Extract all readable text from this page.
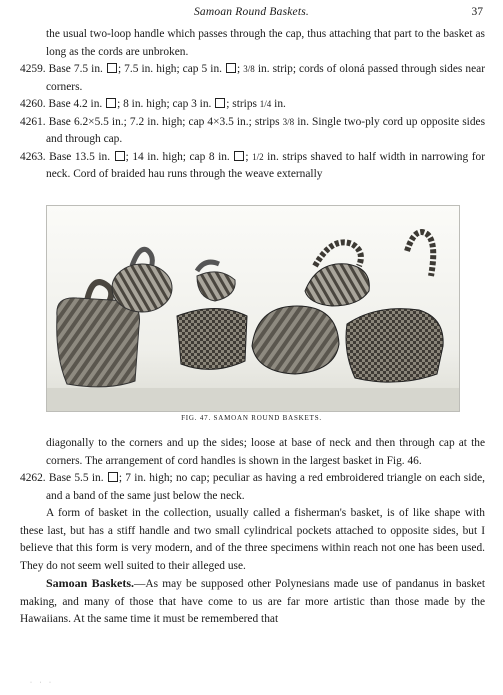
Samoan Round Baskets.	37

the usual two-loop handle which passes through the cap, thus attaching that part to the basket as long as the cords are unbroken.

4259. Base 7.5 in. ; 7.5 in. high; cap 5 in. ; 3/8 in. strip; cords of oloná passed through sides near corners.

4260. Base 4.2 in. ; 8 in. high; cap 3 in. ; strips 1/4 in.

4261. Base 6.2×5.5 in.; 7.2 in. high; cap 4×3.5 in.; strips 3/8 in. Single two-ply cord up opposite sides and through cap.

4263. Base 13.5 in. ; 14 in. high; cap 8 in. ; 1/2 in. strips shaved to half width in narrowing for neck. Cord of braided hau runs through the weave externally

FIG. 47. SAMOAN ROUND BASKETS.

diagonally to the corners and up the sides; loose at base of neck and then through cap at the corners. The arrangement of cord handles is shown in the largest basket in Fig. 46.

4262. Base 5.5 in. ; 7 in. high; no cap; peculiar as having a red embroidered triangle on each side, and a band of the same just below the neck.

A form of basket in the collection, usually called a fisherman's basket, is of like shape with these last, but has a stiff handle and two small cylindrical pockets attached to opposite sides, but I believe that this form is very modern, and of the three specimens within reach not one has been used. They do not seem well suited to their alleged use.

Samoan Baskets.—As may be supposed other Polynesians made use of pandanus in basket making, and many of those that have come to us are far more artistic than those made by the Hawaiians. At the same time it must be remembered that

· · ·
